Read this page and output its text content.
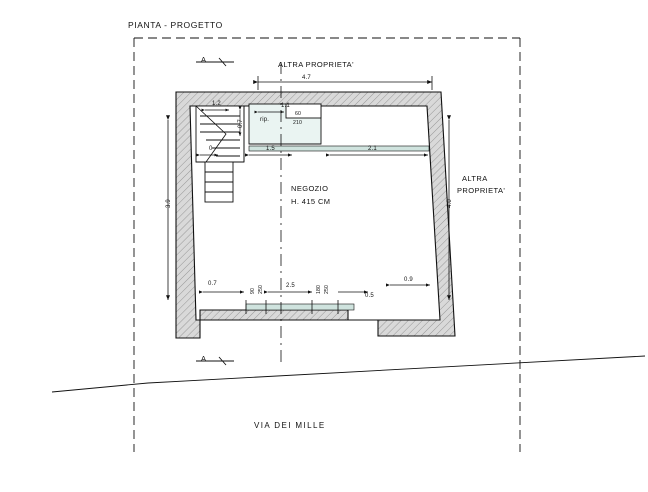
PIANTA - PROGETTO
A
A
ALTRA PROPRIETA'
ALTRA
PROPRIETA'
NEGOZIO
H. 415 CM
rip.
VIA DEI MILLE
4.7
3.9	4.0
1.5	2.1
1.2
0.7
0
1.1
60
210
0.7	2.5
0.5
0.9
90 250	180 250
